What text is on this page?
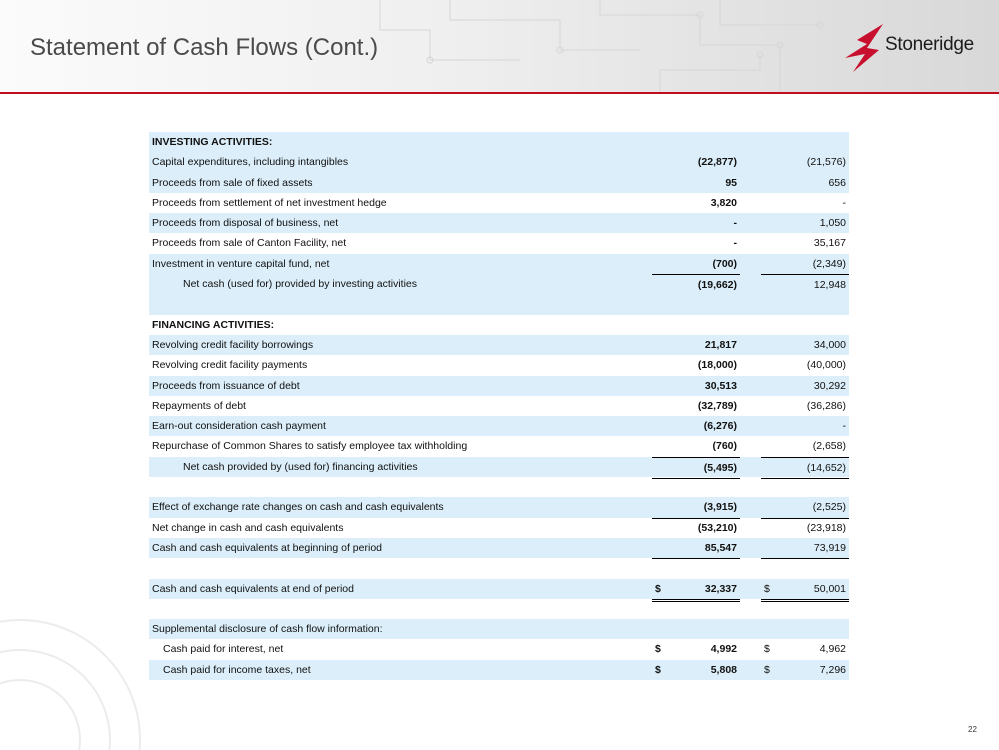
Statement of Cash Flows (Cont.)	Stoneridge
INVESTING ACTIVITIES:
Capital expenditures, including intangibles	(22,877)	(21,576)
Proceeds from sale of fixed assets	95	656
Proceeds from settlement of net investment hedge	3,820	-
Proceeds from disposal of business, net	-	1,050
Proceeds from sale of Canton Facility, net	-	35,167
Investment in venture capital fund, net	(700)	(2,349)
Net cash (used for) provided by investing activities	(19,662)	12,948
FINANCING ACTIVITIES:
Revolving credit facility borrowings	21,817	34,000
Revolving credit facility payments	(18,000)	(40,000)
Proceeds from issuance of debt	30,513	30,292
Repayments of debt	(32,789)	(36,286)
Earn-out consideration cash payment	(6,276)	-
Repurchase of Common Shares to satisfy employee tax withholding	(760)	(2,658)
Net cash provided by (used for) financing activities	(5,495)	(14,652)
Effect of exchange rate changes on cash and cash equivalents	(3,915)	(2,525)
Net change in cash and cash equivalents	(53,210)	(23,918)
Cash and cash equivalents at beginning of period	85,547	73,919
Cash and cash equivalents at end of period	$	32,337	$	50,001
Supplemental disclosure of cash flow information:
Cash paid for interest, net	$	4,992	$	4,962
Cash paid for income taxes, net	$	5,808	$	7,296
22
